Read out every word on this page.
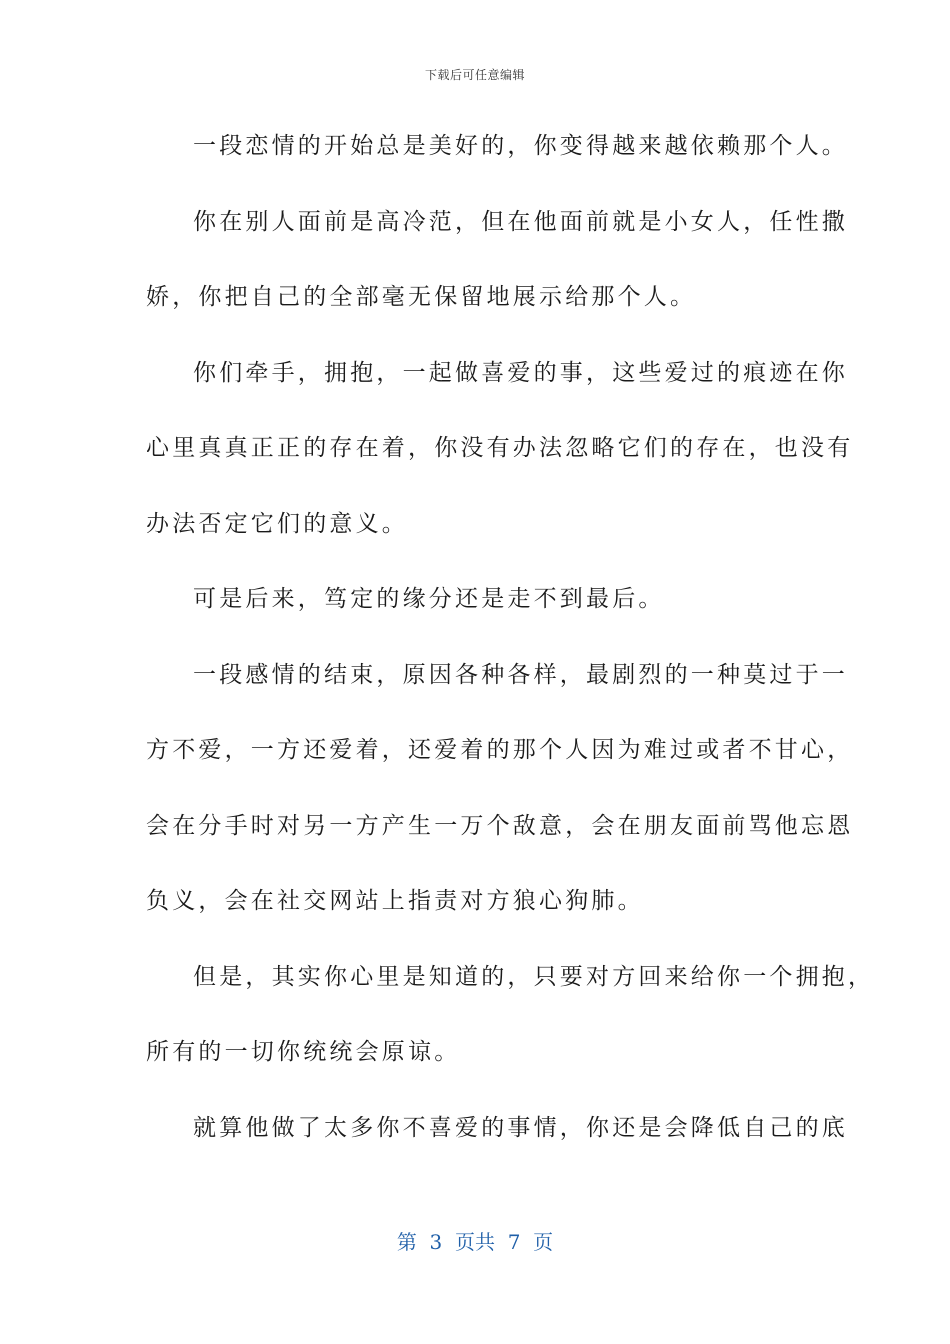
下载后可任意编辑
一段恋情的开始总是美好的，你变得越来越依赖那个人。
你在别人面前是高冷范，但在他面前就是小女人，任性撒
娇，你把自己的全部毫无保留地展示给那个人。
你们牵手，拥抱，一起做喜爱的事，这些爱过的痕迹在你
心里真真正正的存在着，你没有办法忽略它们的存在，也没有
办法否定它们的意义。
可是后来，笃定的缘分还是走不到最后。
一段感情的结束，原因各种各样，最剧烈的一种莫过于一
方不爱，一方还爱着，还爱着的那个人因为难过或者不甘心，
会在分手时对另一方产生一万个敌意，会在朋友面前骂他忘恩
负义，会在社交网站上指责对方狼心狗肺。
但是，其实你心里是知道的，只要对方回来给你一个拥抱，
所有的一切你统统会原谅。
就算他做了太多你不喜爱的事情，你还是会降低自己的底
第  3  页共  7  页
